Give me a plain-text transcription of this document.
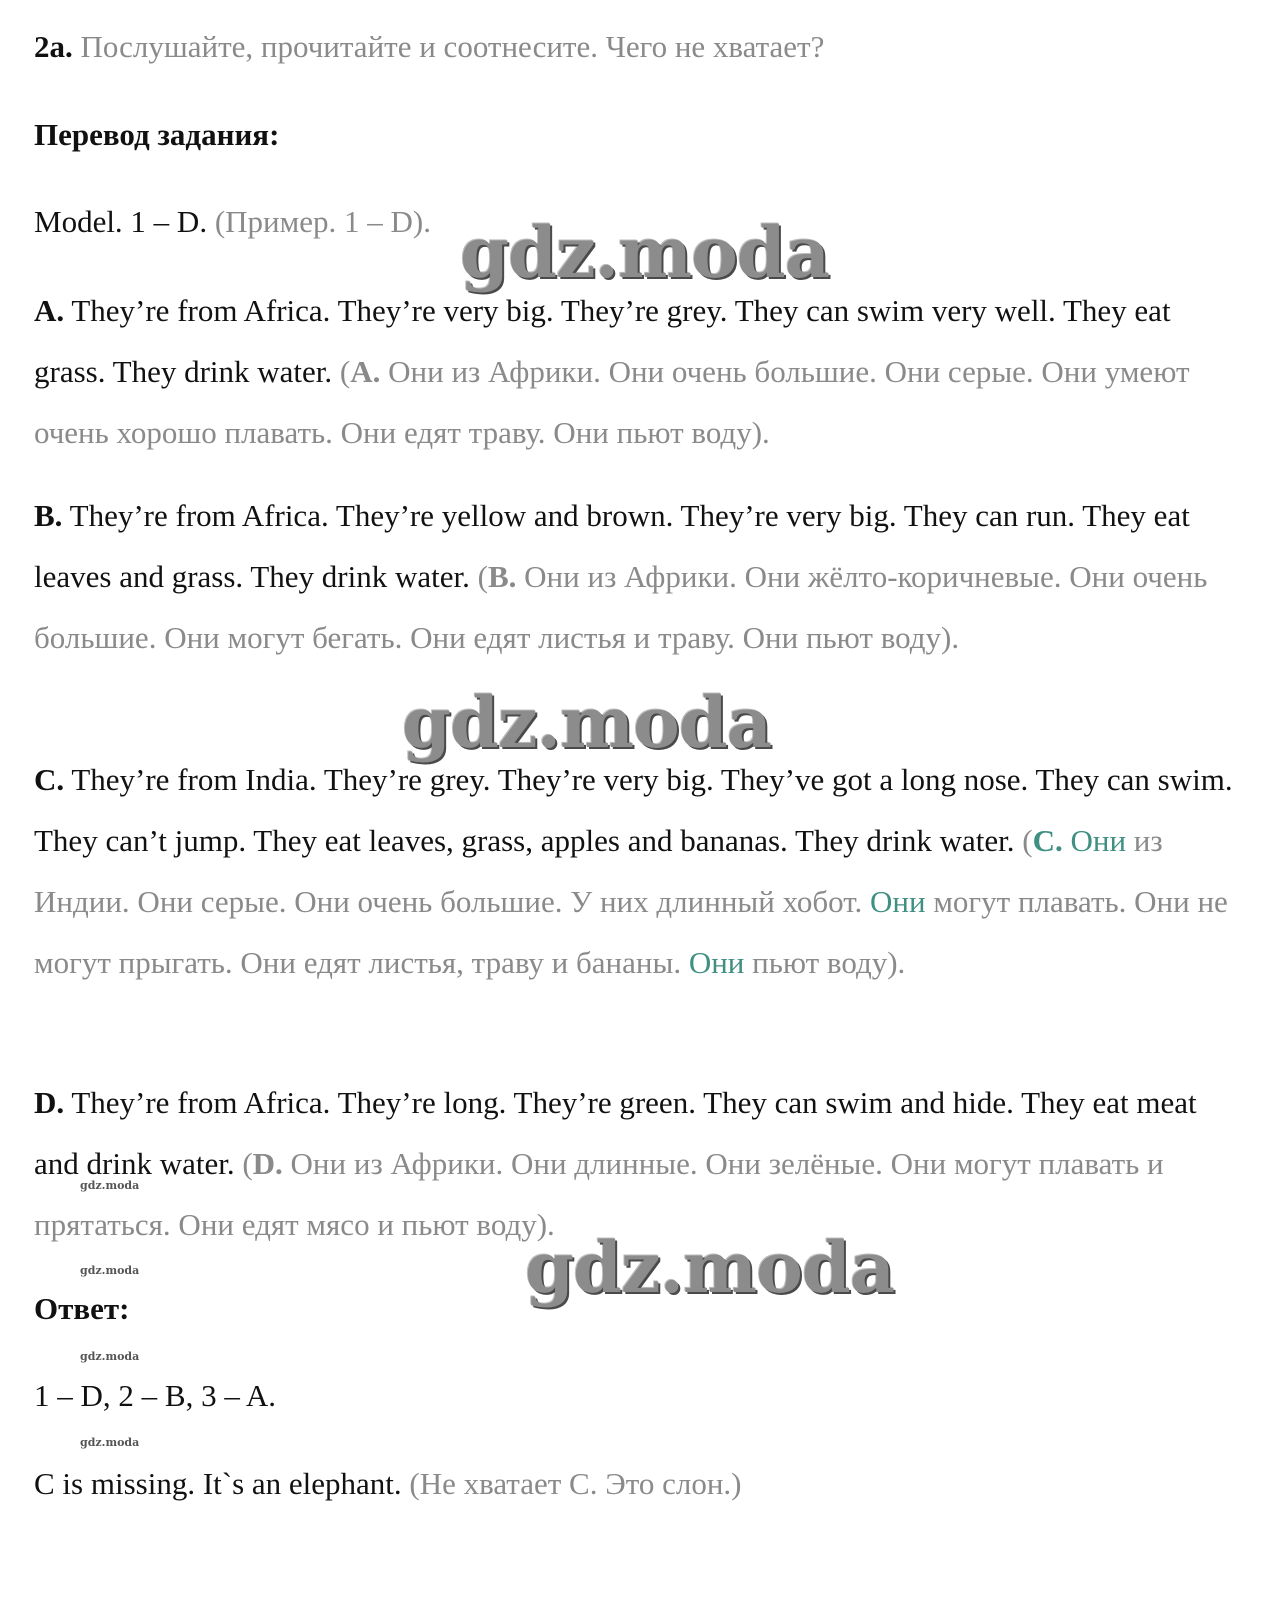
2a. Послушайте, прочитайте и соотнесите. Чего не хватает?
Перевод задания:
Model. 1 – D. (Пример. 1 – D).
A. They’re from Africa. They’re very big. They’re grey. They can swim very well. They eat grass. They drink water. (A. Они из Африки. Они очень большие. Они серые. Они умеют очень хорошо плавать. Они едят траву. Они пьют воду).
B. They’re from Africa. They’re yellow and brown. They’re very big. They can run. They eat leaves and grass. They drink water. (B. Они из Африки. Они жёлто-коричневые. Они очень большие. Они могут бегать. Они едят листья и траву. Они пьют воду).
C. They’re from India. They’re grey. They’re very big. They’ve got a long nose. They can swim. They can’t jump. They eat leaves, grass, apples and bananas. They drink water. (C. Они из Индии. Они серые. Они очень большие. У них длинный хобот. Они могут плавать. Они не могут прыгать. Они едят листья, траву и бананы. Они пьют воду).
D. They’re from Africa. They’re long. They’re green. They can swim and hide. They eat meat and drink water. (D. Они из Африки. Они длинные. Они зелёные. Они могут плавать и прятаться. Они едят мясо и пьют воду).
Ответ:
1 – D, 2 – B, 3 – A.
C is missing. It`s an elephant. (Не хватает C. Это слон.)
gdz.moda
gdz.moda
gdz.moda
gdz.moda
gdz.moda
gdz.moda
gdz.moda
